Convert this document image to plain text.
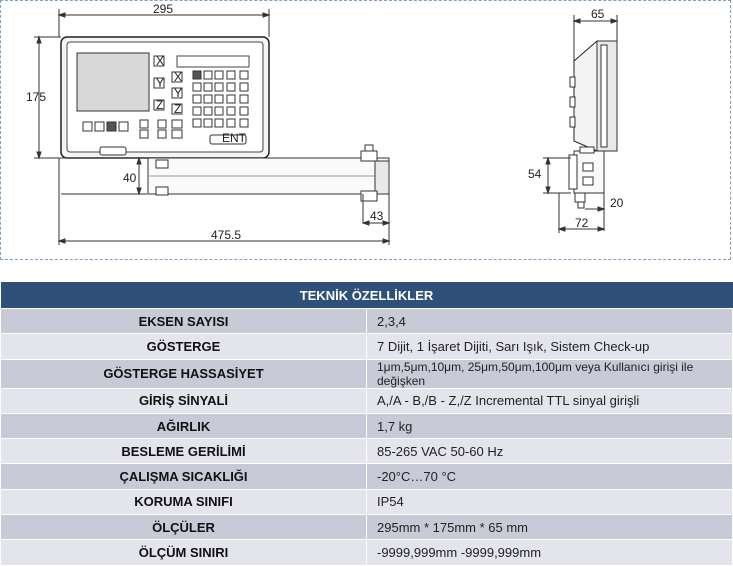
X
Y
Z
X
Y
Z
ENT
295
175
40
43
475.5
65
54
20
72
TEKNİK ÖZELLİKLER	
EKSEN SAYISI	2,3,4
GÖSTERGE	7 Dijit, 1 İşaret Dijiti, Sarı Işık, Sistem Check-up
GÖSTERGE HASSASİYET	1μm,5μm,10μm, 25μm,50μm,100μm veya Kullanıcı girişi ile değişken
GİRİŞ SİNYALİ	A,/A - B,/B - Z,/Z Incremental TTL sinyal girişli
AĞIRLIK	1,7 kg
BESLEME GERİLİMİ	85-265 VAC 50-60 Hz
ÇALIŞMA SICAKLIĞI	-20°C…70 °C
KORUMA SINIFI	IP54
ÖLÇÜLER	295mm * 175mm * 65 mm
ÖLÇÜM SINIRI	-9999,999mm -9999,999mm
